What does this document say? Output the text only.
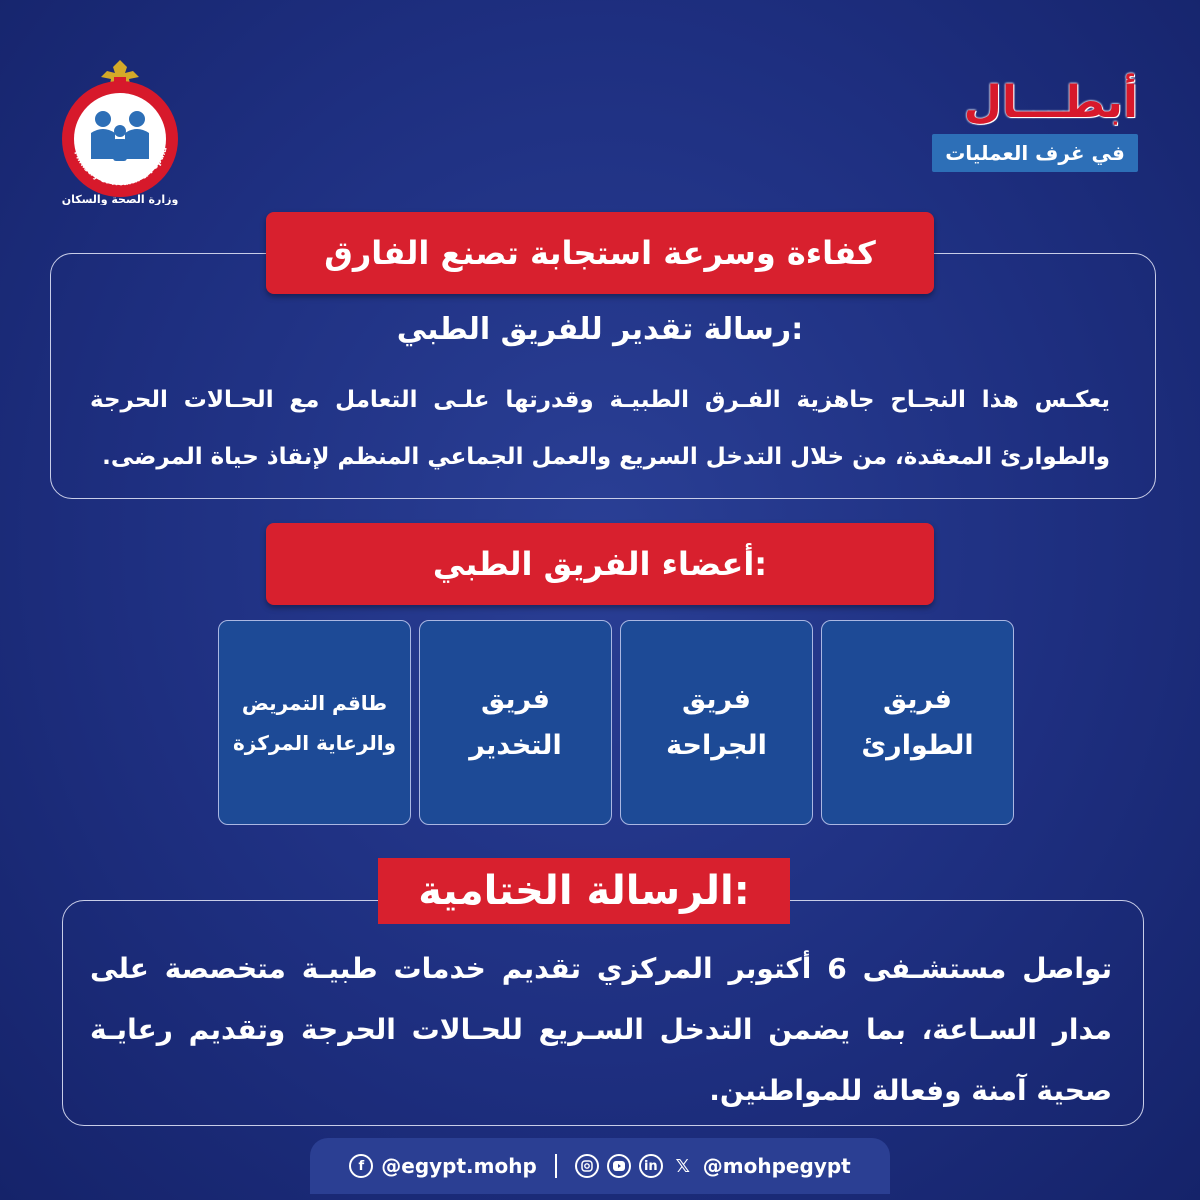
Ministry of Health & Popula
وزارة الصحة والسكان
أبطـــال
في غرف العمليات
كفاءة وسرعة استجابة تصنع الفارق
رسالة تقدير للفريق الطبي:
يعكـس هذا النجـاح جاهزية الفـرق الطبيـة وقدرتها علـى التعامل مع الحـالات الحرجة والطوارئ المعقدة، من خلال التدخل السريع والعمل الجماعي المنظم لإنقاذ حياة المرضى.
أعضاء الفريق الطبي:
طاقم التمريض
والرعاية المركزة
فريق
التخدير
فريق
الجراحة
فريق
الطوارئ
الرسالة الختامية:
تواصل مستشـفى 6 أكتوبر المركزي تقديم خدمات طبيـة متخصصة على مدار السـاعة، بما يضمن التدخل السـريع للحـالات الحرجة وتقديم رعايـة صحية آمنة وفعالة للمواطنين.
f @egypt.mohp	in 𝕏 @mohpegypt
